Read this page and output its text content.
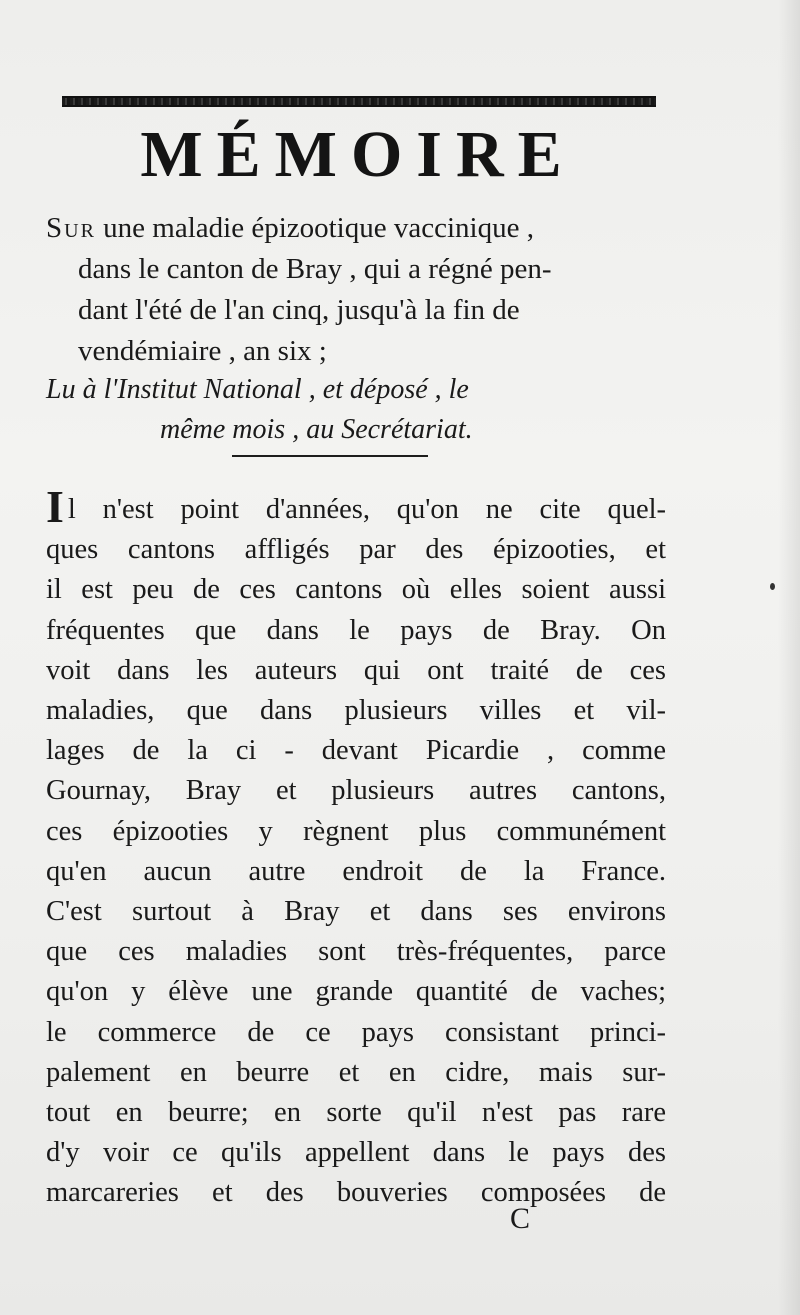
MÉMOIRE
Sur une maladie épizootique vaccinique ,
dans le canton de Bray , qui a régné pen-
dant l'été de l'an cinq, jusqu'à la fin de
vendémiaire , an six ;
Lu à l'Institut National , et déposé , le
même mois , au Secrétariat.
Il n'est point d'années, qu'on ne cite quel-
ques cantons affligés par des épizooties, et
il est peu de ces cantons où elles soient aussi
fréquentes que dans le pays de Bray. On
voit dans les auteurs qui ont traité de ces
maladies, que dans plusieurs villes et vil-
lages de la ci - devant Picardie , comme
Gournay, Bray et plusieurs autres cantons,
ces épizooties y règnent plus communément
qu'en aucun autre endroit de la France.
C'est surtout à Bray et dans ses environs
que ces maladies sont très-fréquentes, parce
qu'on y élève une grande quantité de vaches;
le commerce de ce pays consistant princi-
palement en beurre et en cidre, mais sur-
tout en beurre; en sorte qu'il n'est pas rare
d'y voir ce qu'ils appellent dans le pays des
marcareries et des bouveries composées de
C
